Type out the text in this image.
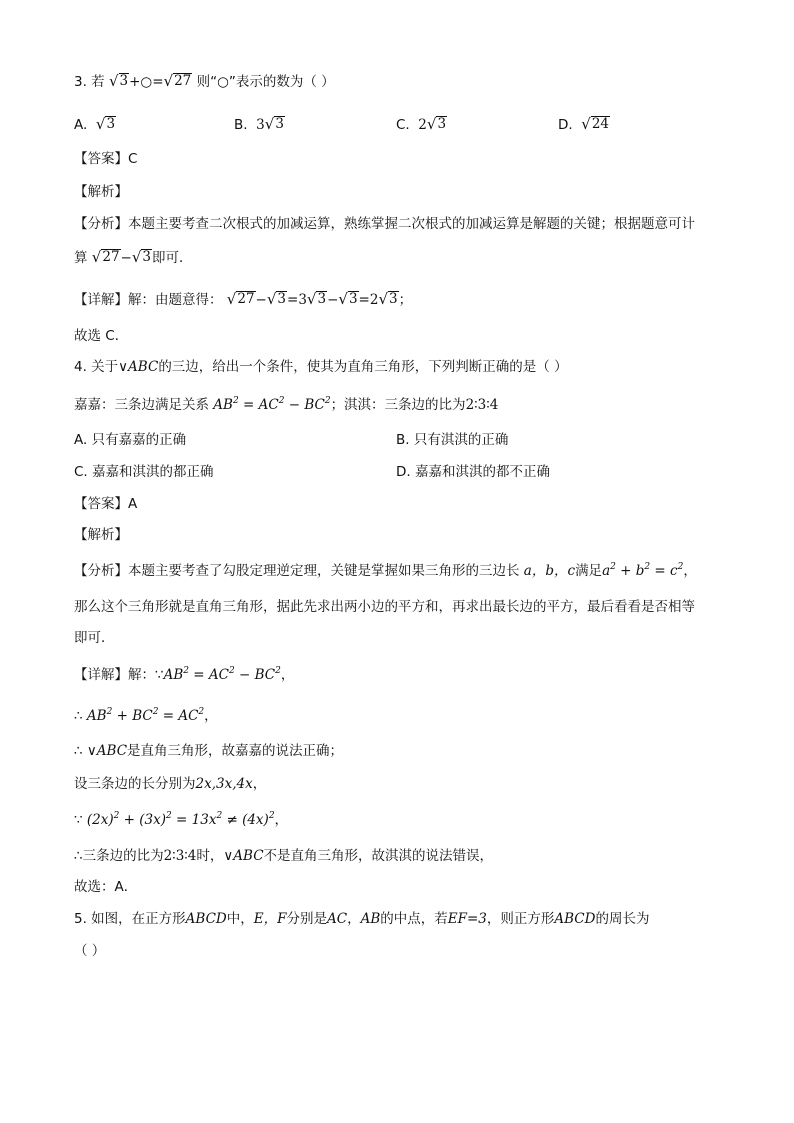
3. 若 √ 3 +○= √ 27 则“○”表示的数为（ ）
A. √ 3	B.  3 √ 3	C.  2 √ 3	D. √ 24
【答案】C
【解析】
【分析】本题主要考查二次根式的加减运算，熟练掌握二次根式的加减运算是解题的关键；根据题意可计
算 √ 27 − √ 3 即可．
【详解】解：由题意得： √ 27 − √ 3 =3 √ 3 − √ 3 =2 √ 3 ；
故选 C．
4. 关于∨ABC的三边，给出一个条件，使其为直角三角形，下列判断正确的是（ ）
嘉嘉：三条边满足关系 $AB^2 = AC^2 - BC^2$；淇淇：三条边的比为2∶3∶4
A. 只有嘉嘉的正确	B. 只有淇淇的正确
C. 嘉嘉和淇淇的都正确	D. 嘉嘉和淇淇的都不正确
【答案】A
【解析】
【分析】本题主要考查了勾股定理逆定理，关键是掌握如果三角形的三边长 a，b，c满足$a^2 + b^2 = c^2$，
那么这个三角形就是直角三角形，据此先求出两小边的平方和，再求出最长边的平方，最后看看是否相等
即可．
【详解】解：$\because AB^2 = AC^2 - BC^2$，
∴ $AB^2 + BC^2 = AC^2$，
∴ ∨ABC是直角三角形，故嘉嘉的说法正确；
设三条边的长分别为2x,3x,4x，
∵ $(2x)^2 + (3x)^2 = 13x^2 \ne (4x)^2$，
∴三条边的比为2∶3∶4时，∨ABC不是直角三角形，故淇淇的说法错误，
故选：A．
5. 如图，在正方形ABCD中，E，F分别是AC，AB的中点，若EF=3，则正方形ABCD的周长为
（ ）
